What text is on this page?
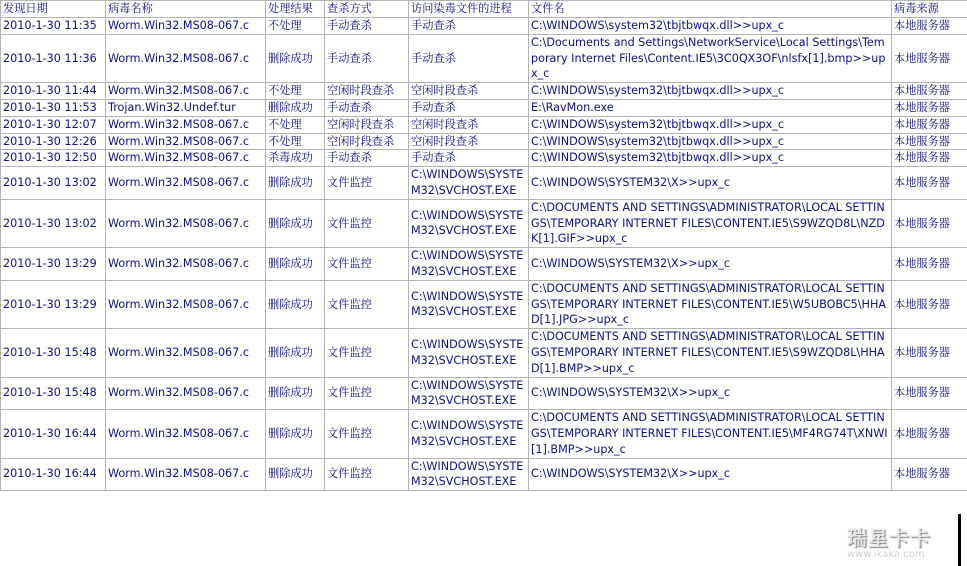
发现日期	病毒名称	处理结果	查杀方式	访问染毒文件的进程	文件名	病毒来源
2010-1-30 11:35	Worm.Win32.MS08-067.c	不处理	手动查杀	手动查杀	C:\WINDOWS\system32\tbjtbwqx.dll>>upx_c	本地服务器
2010-1-30 11:36	Worm.Win32.MS08-067.c	删除成功	手动查杀	手动查杀	C:\Documents and Settings\NetworkService\Local Settings\Temporary Internet Files\Content.IE5\3C0QX3OF\nlsfx[1].bmp>>upx_c	本地服务器
2010-1-30 11:44	Worm.Win32.MS08-067.c	不处理	空闲时段查杀	空闲时段查杀	C:\WINDOWS\system32\tbjtbwqx.dll>>upx_c	本地服务器
2010-1-30 11:53	Trojan.Win32.Undef.tur	删除成功	手动查杀	手动查杀	E:\RavMon.exe	本地服务器
2010-1-30 12:07	Worm.Win32.MS08-067.c	不处理	空闲时段查杀	空闲时段查杀	C:\WINDOWS\system32\tbjtbwqx.dll>>upx_c	本地服务器
2010-1-30 12:26	Worm.Win32.MS08-067.c	不处理	空闲时段查杀	空闲时段查杀	C:\WINDOWS\system32\tbjtbwqx.dll>>upx_c	本地服务器
2010-1-30 12:50	Worm.Win32.MS08-067.c	杀毒成功	手动查杀	手动查杀	C:\WINDOWS\system32\tbjtbwqx.dll>>upx_c	本地服务器
2010-1-30 13:02	Worm.Win32.MS08-067.c	删除成功	文件监控	C:\WINDOWS\SYSTEM32\SVCHOST.EXE	C:\WINDOWS\SYSTEM32\X>>upx_c	本地服务器
2010-1-30 13:02	Worm.Win32.MS08-067.c	删除成功	文件监控	C:\WINDOWS\SYSTEM32\SVCHOST.EXE	C:\DOCUMENTS AND SETTINGS\ADMINISTRATOR\LOCAL SETTINGS\TEMPORARY INTERNET FILES\CONTENT.IE5\S9WZQD8L\NZDK[1].GIF>>upx_c	本地服务器
2010-1-30 13:29	Worm.Win32.MS08-067.c	删除成功	文件监控	C:\WINDOWS\SYSTEM32\SVCHOST.EXE	C:\WINDOWS\SYSTEM32\X>>upx_c	本地服务器
2010-1-30 13:29	Worm.Win32.MS08-067.c	删除成功	文件监控	C:\WINDOWS\SYSTEM32\SVCHOST.EXE	C:\DOCUMENTS AND SETTINGS\ADMINISTRATOR\LOCAL SETTINGS\TEMPORARY INTERNET FILES\CONTENT.IE5\W5UBOBC5\HHAD[1].JPG>>upx_c	本地服务器
2010-1-30 15:48	Worm.Win32.MS08-067.c	删除成功	文件监控	C:\WINDOWS\SYSTEM32\SVCHOST.EXE	C:\DOCUMENTS AND SETTINGS\ADMINISTRATOR\LOCAL SETTINGS\TEMPORARY INTERNET FILES\CONTENT.IE5\S9WZQD8L\HHAD[1].BMP>>upx_c	本地服务器
2010-1-30 15:48	Worm.Win32.MS08-067.c	删除成功	文件监控	C:\WINDOWS\SYSTEM32\SVCHOST.EXE	C:\WINDOWS\SYSTEM32\X>>upx_c	本地服务器
2010-1-30 16:44	Worm.Win32.MS08-067.c	删除成功	文件监控	C:\WINDOWS\SYSTEM32\SVCHOST.EXE	C:\DOCUMENTS AND SETTINGS\ADMINISTRATOR\LOCAL SETTINGS\TEMPORARY INTERNET FILES\CONTENT.IE5\MF4RG74T\XNWI[1].BMP>>upx_c	本地服务器
2010-1-30 16:44	Worm.Win32.MS08-067.c	删除成功	文件监控	C:\WINDOWS\SYSTEM32\SVCHOST.EXE	C:\WINDOWS\SYSTEM32\X>>upx_c	本地服务器
瑞星卡卡
www.ikaka.com
